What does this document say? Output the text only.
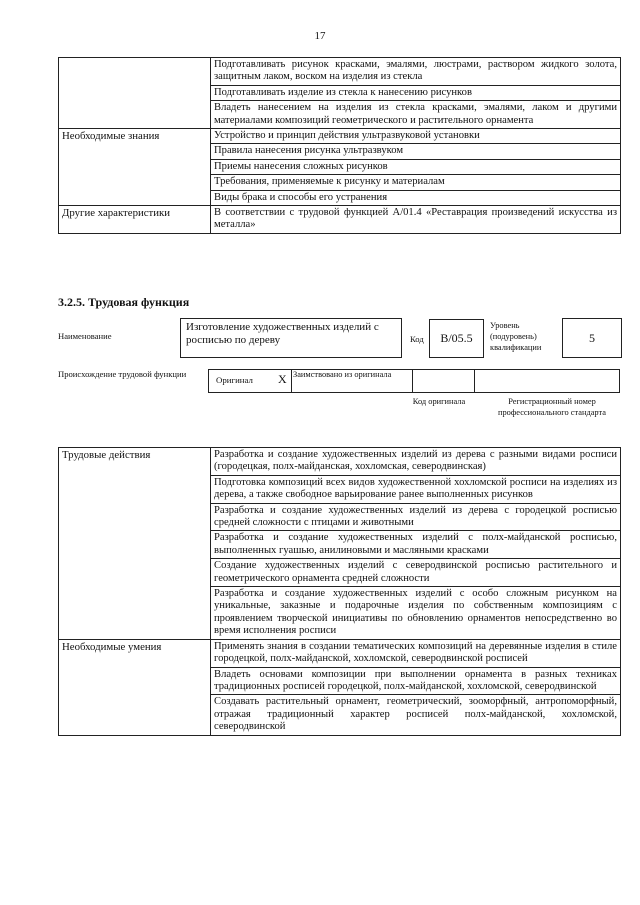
17
	Подготавливать рисунок красками, эмалями, люстрами, раствором жидкого золота, защитным лаком, воском на изделия из стекла
	Подготавливать изделие из стекла к нанесению рисунков
	Владеть нанесением на изделия из стекла красками, эмалями, лаком и другими материалами композиций геометрического и растительного орнамента
Необходимые знания	Устройство и принцип действия ультразвуковой установки
	Правила нанесения рисунка ультразвуком
	Приемы нанесения сложных рисунков
	Требования, применяемые к рисунку и материалам
	Виды брака и способы его устранения
Другие характеристики	В соответствии с трудовой функцией А/01.4 «Реставрация произведений искусства из металла»
3.2.5. Трудовая функция
Наименование
Изготовление художественных изделий с росписью по дереву	Код	B/05.5
Уровень (подуровень) квалификации
5
Происхождение трудовой функции
Оригинал X Заимствовано из оригинала
Код оригинала	Регистрационный номер профессионального стандарта
Трудовые действия	Разработка и создание художественных изделий из дерева с разными видами росписи (городецкая, полх-майданская, хохломская, северодвинская)
	Подготовка композиций всех видов художественной хохломской росписи на изделиях из дерева, а также свободное варьирование ранее выполненных рисунков
	Разработка и создание художественных изделий из дерева с городецкой росписью средней сложности с птицами и животными
	Разработка и создание художественных изделий с полх-майданской росписью, выполненных гуашью, анилиновыми и масляными красками
	Создание художественных изделий с северодвинской росписью растительного и геометрического орнамента средней сложности
	Разработка и создание художественных изделий с особо сложным рисунком на уникальные, заказные и подарочные изделия по собственным композициям с проявлением творческой инициативы по обновлению орнаментов непосредственно во время исполнения росписи
Необходимые умения	Применять знания в создании тематических композиций на деревянные изделия в стиле городецкой, полх-майданской, хохломской, северодвинской росписей
	Владеть основами композиции при выполнении орнамента в разных техниках традиционных росписей городецкой, полх-майданской, хохломской, северодвинской
	Создавать растительный орнамент, геометрический, зооморфный, антропоморфный, отражая традиционный характер росписей полх-майданской, хохломской, северодвинской
